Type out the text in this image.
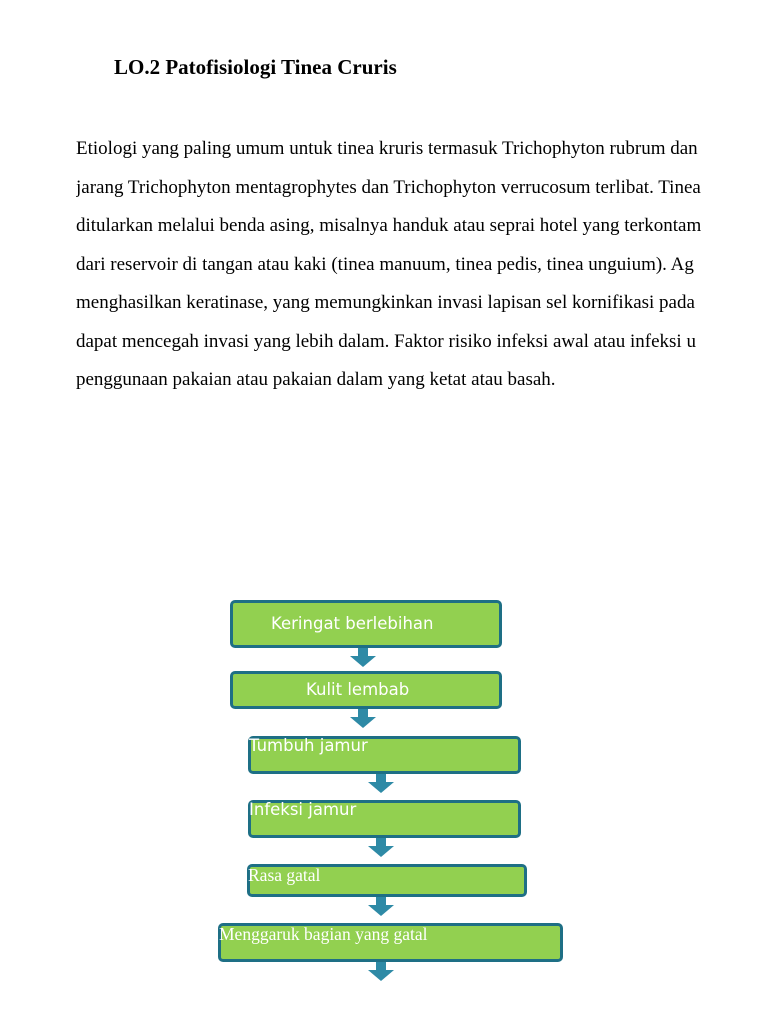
LO.2 Patofisiologi Tinea Cruris
Etiologi yang paling umum untuk tinea kruris termasuk Trichophyton rubrum dan
jarang Trichophyton mentagrophytes dan Trichophyton verrucosum terlibat. Tinea
ditularkan melalui benda asing, misalnya handuk atau seprai hotel yang terkontam
dari reservoir di tangan atau kaki (tinea manuum, tinea pedis, tinea unguium). Ag
menghasilkan keratinase, yang memungkinkan invasi lapisan sel kornifikasi pada
dapat mencegah invasi yang lebih dalam. Faktor risiko infeksi awal atau infeksi u
penggunaan pakaian atau pakaian dalam yang ketat atau basah.
Keringat berlebihan
Kulit lembab
Tumbuh jamur
Infeksi jamur
Rasa gatal
Menggaruk bagian yang gatal
